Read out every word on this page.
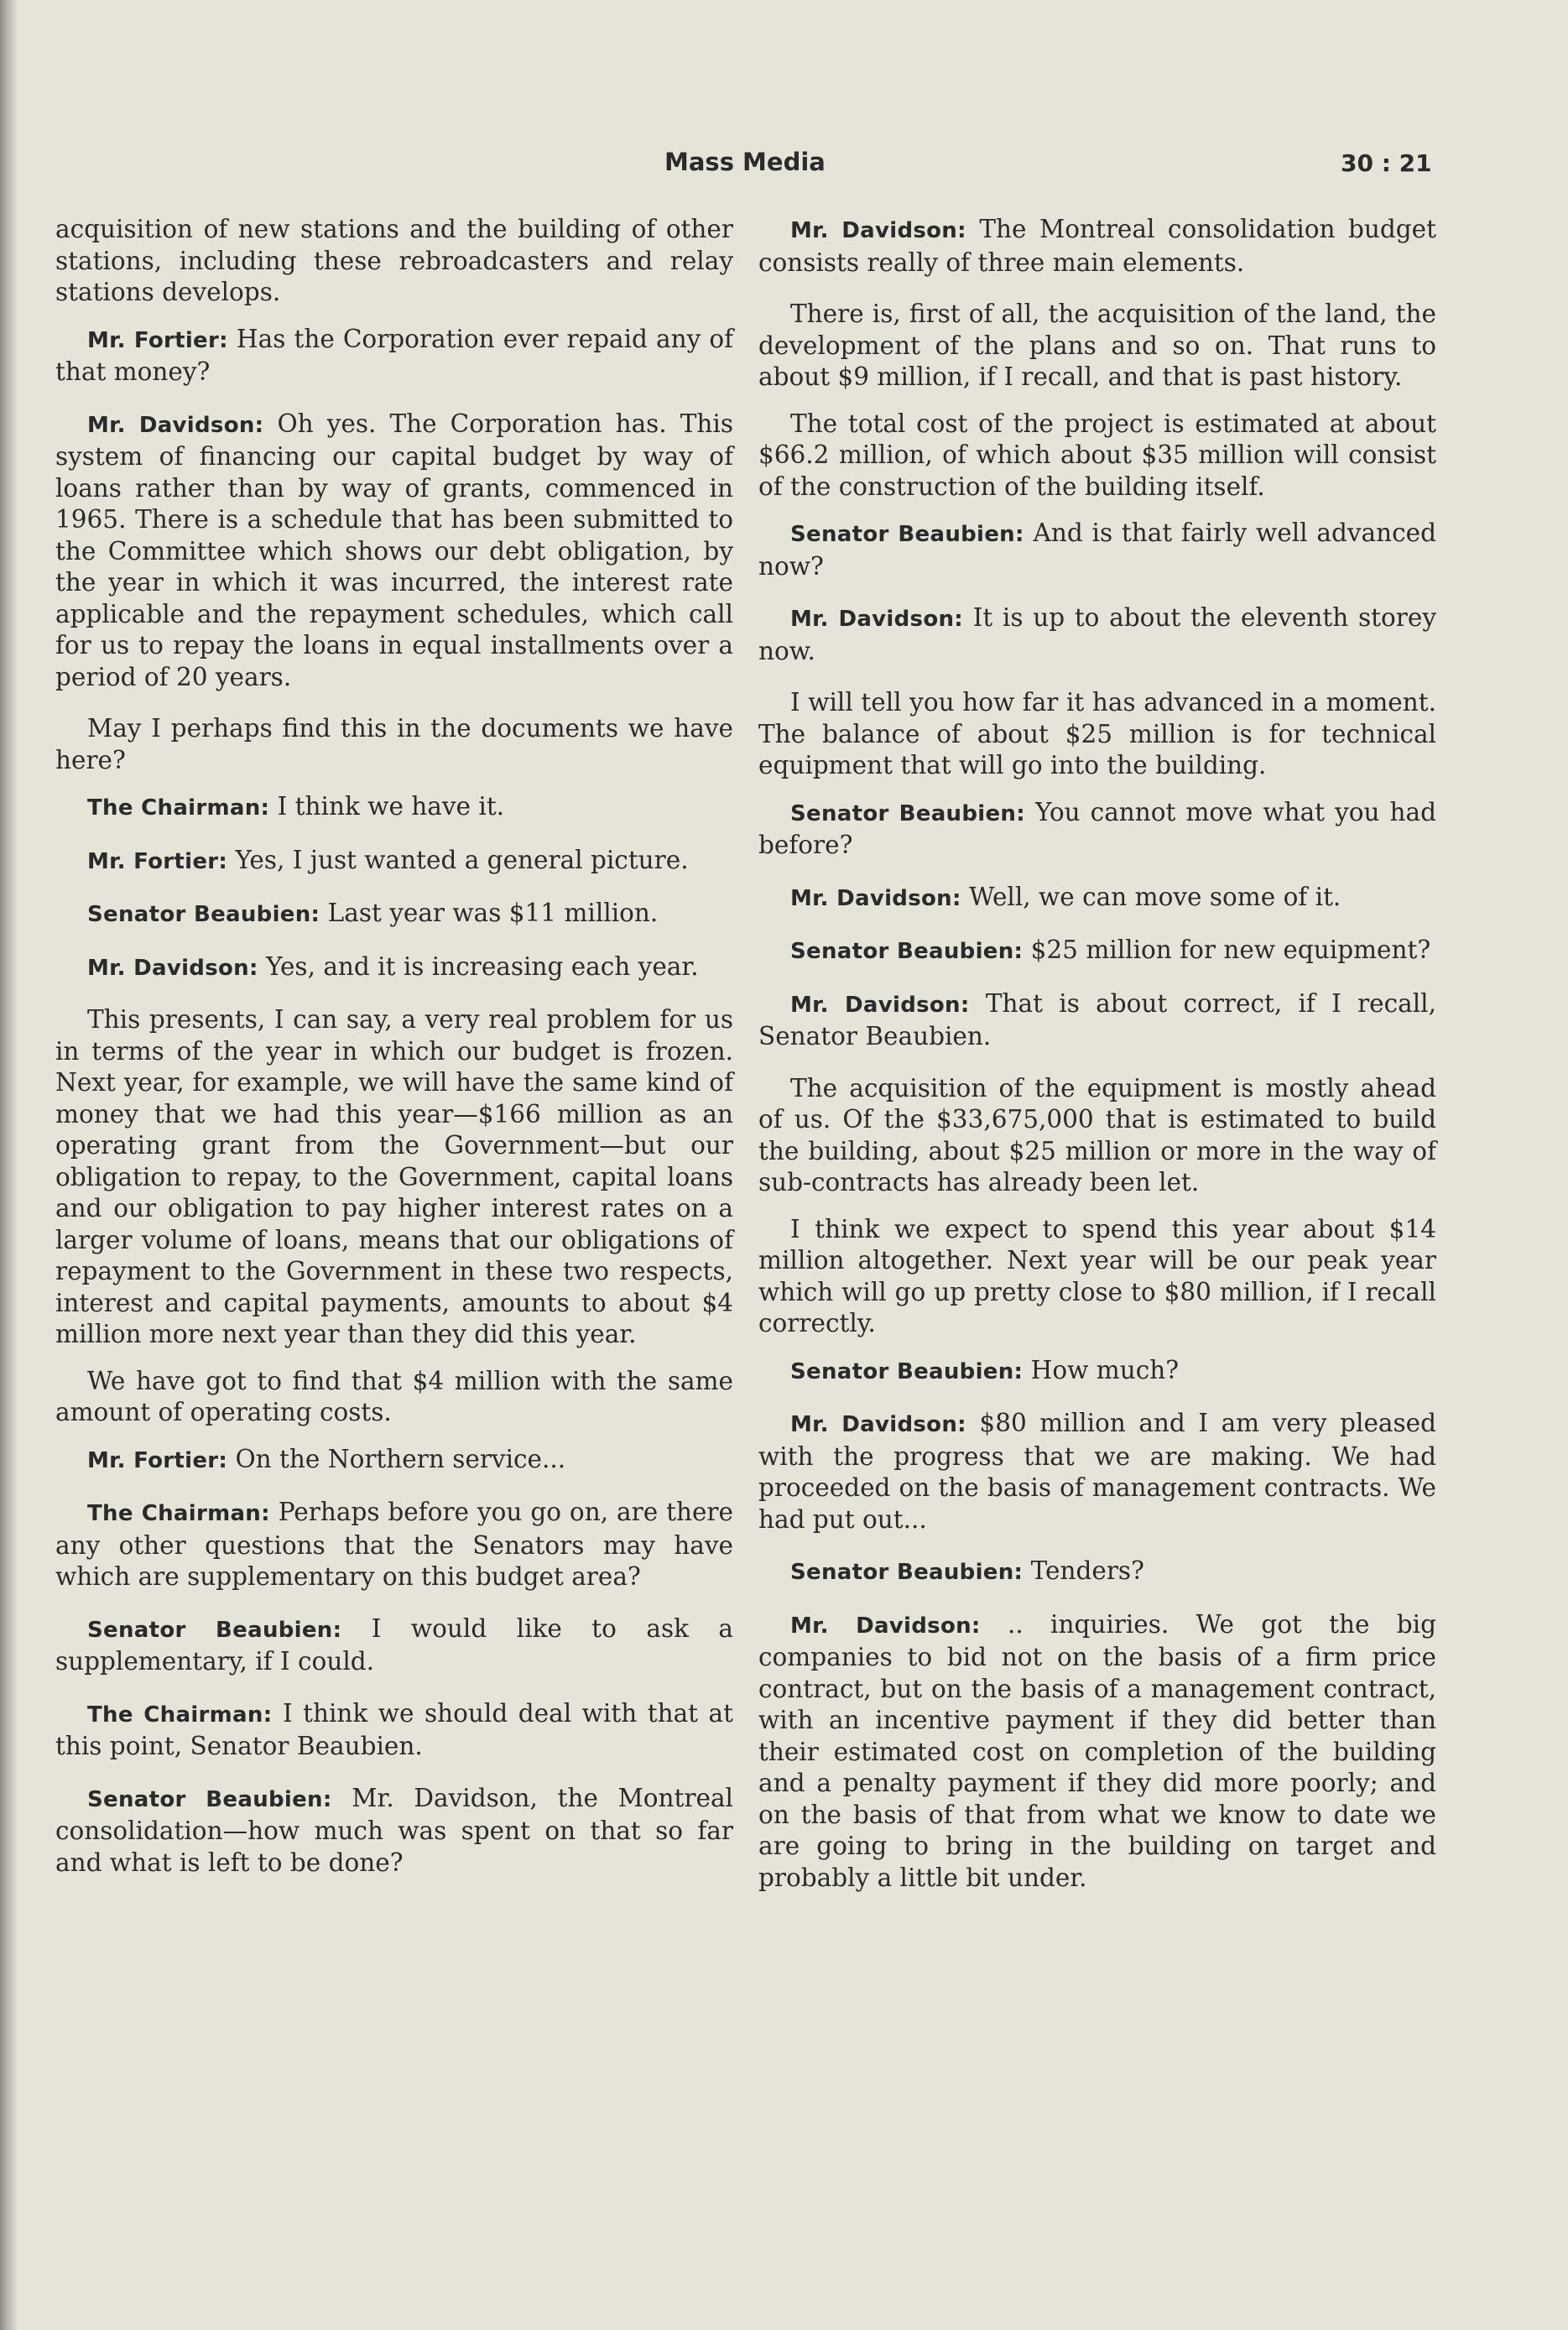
Mass Media	30 : 21

acquisition of new stations and the building of other stations, including these rebroadcasters and relay stations develops.

Mr. Fortier: Has the Corporation ever repaid any of that money?

Mr. Davidson: Oh yes. The Corporation has. This system of financing our capital budget by way of loans rather than by way of grants, commenced in 1965. There is a schedule that has been submitted to the Committee which shows our debt obligation, by the year in which it was incurred, the interest rate applicable and the repayment schedules, which call for us to repay the loans in equal installments over a period of 20 years.

May I perhaps find this in the documents we have here?

The Chairman: I think we have it.

Mr. Fortier: Yes, I just wanted a general picture.

Senator Beaubien: Last year was $11 million.

Mr. Davidson: Yes, and it is increasing each year.

This presents, I can say, a very real problem for us in terms of the year in which our budget is frozen. Next year, for example, we will have the same kind of money that we had this year—$166 million as an operating grant from the Government—but our obligation to repay, to the Government, capital loans and our obligation to pay higher interest rates on a larger volume of loans, means that our obligations of repayment to the Government in these two respects, interest and capital payments, amounts to about $4 million more next year than they did this year.

We have got to find that $4 million with the same amount of operating costs.

Mr. Fortier: On the Northern service...

The Chairman: Perhaps before you go on, are there any other questions that the Senators may have which are supplementary on this budget area?

Senator Beaubien: I would like to ask a supplementary, if I could.

The Chairman: I think we should deal with that at this point, Senator Beaubien.

Senator Beaubien: Mr. Davidson, the Montreal consolidation—how much was spent on that so far and what is left to be done?

Mr. Davidson: The Montreal consolidation budget consists really of three main elements.

There is, first of all, the acquisition of the land, the development of the plans and so on. That runs to about $9 million, if I recall, and that is past history.

The total cost of the project is estimated at about $66.2 million, of which about $35 million will consist of the construction of the building itself.

Senator Beaubien: And is that fairly well advanced now?

Mr. Davidson: It is up to about the eleventh storey now.

I will tell you how far it has advanced in a moment. The balance of about $25 million is for technical equipment that will go into the building.

Senator Beaubien: You cannot move what you had before?

Mr. Davidson: Well, we can move some of it.

Senator Beaubien: $25 million for new equipment?

Mr. Davidson: That is about correct, if I recall, Senator Beaubien.

The acquisition of the equipment is mostly ahead of us. Of the $33,675,000 that is estimated to build the building, about $25 million or more in the way of sub-contracts has already been let.

I think we expect to spend this year about $14 million altogether. Next year will be our peak year which will go up pretty close to $80 million, if I recall correctly.

Senator Beaubien: How much?

Mr. Davidson: $80 million and I am very pleased with the progress that we are making. We had proceeded on the basis of management contracts. We had put out...

Senator Beaubien: Tenders?

Mr. Davidson: .. inquiries. We got the big companies to bid not on the basis of a firm price contract, but on the basis of a management contract, with an incentive payment if they did better than their estimated cost on completion of the building and a penalty payment if they did more poorly; and on the basis of that from what we know to date we are going to bring in the building on target and probably a little bit under.
